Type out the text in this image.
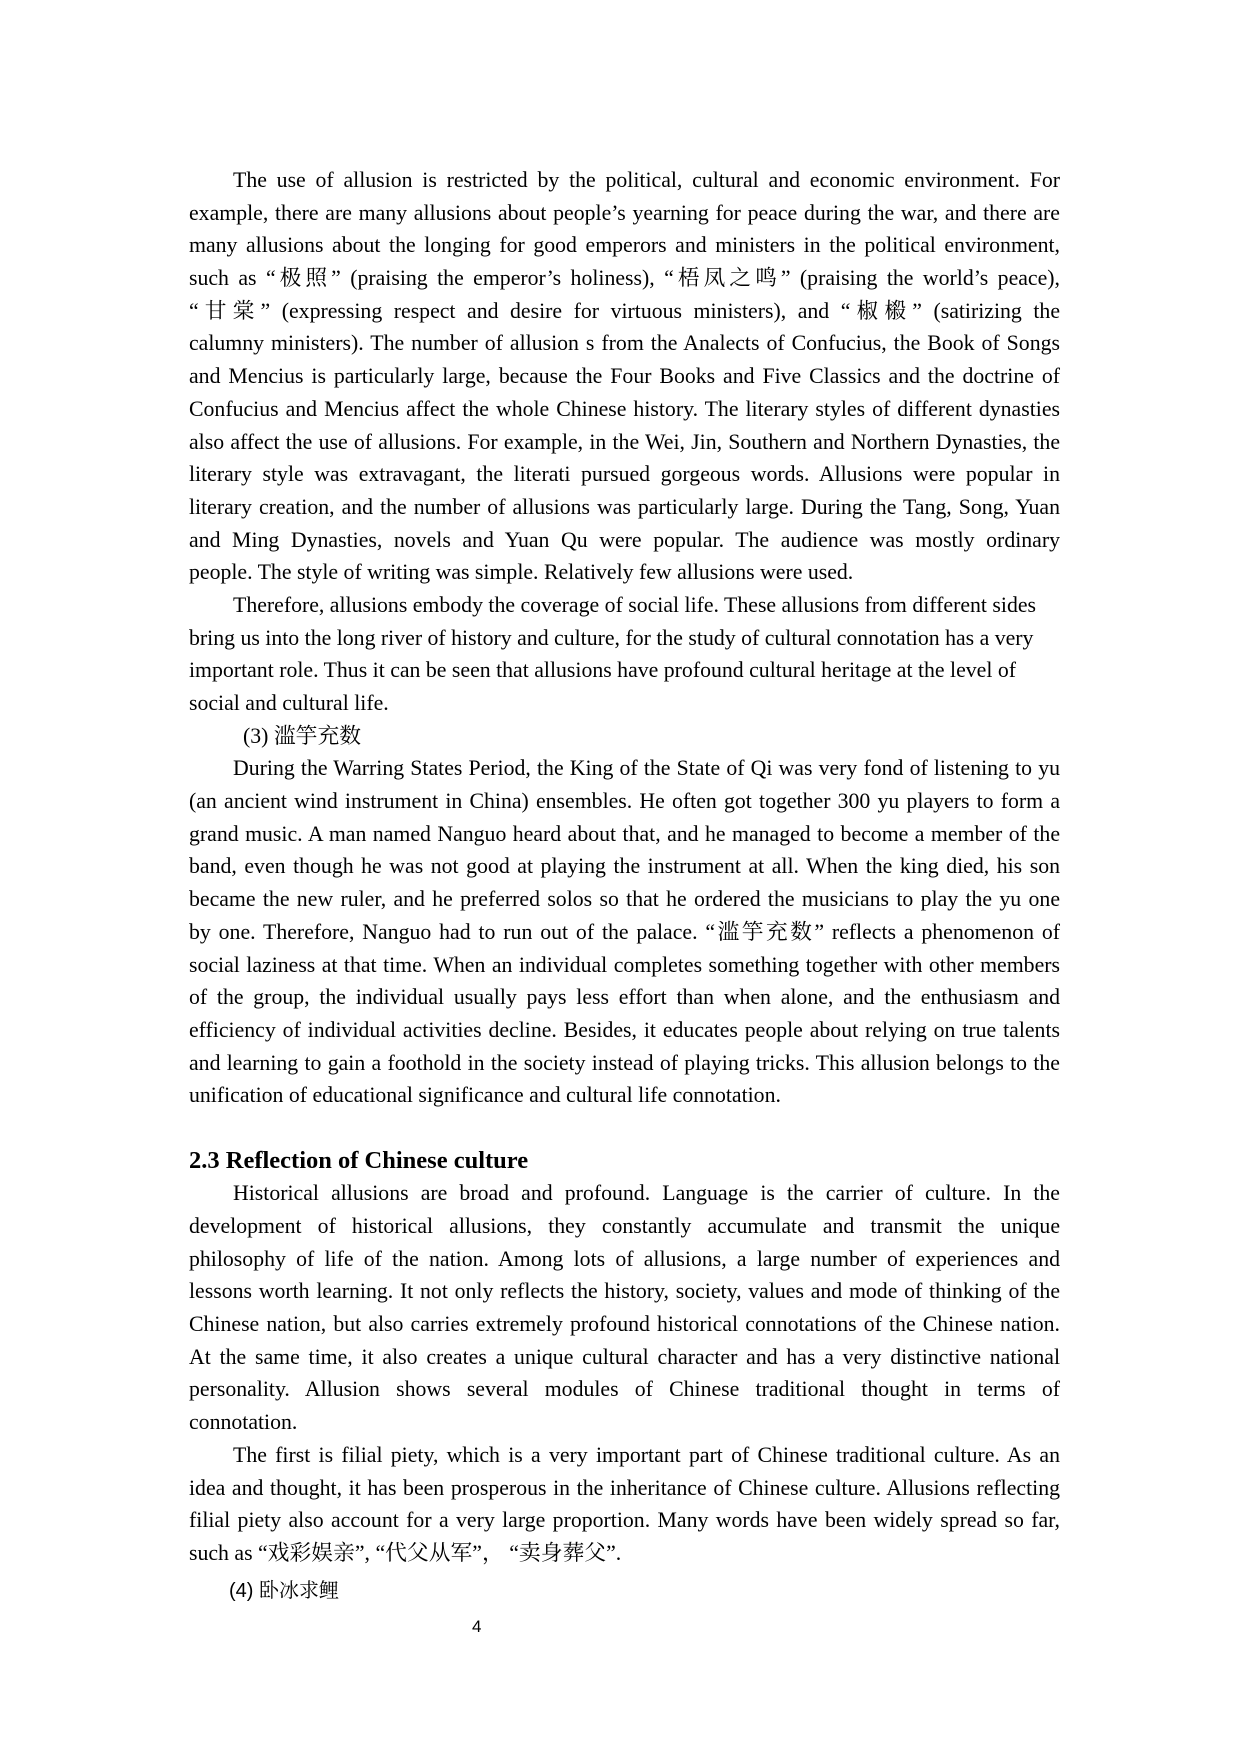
The use of allusion is restricted by the political, cultural and economic environment. For
example, there are many allusions about people’s yearning for peace during the war, and there are
many allusions about the longing for good emperors and ministers in the political environment,
such as “极照” (praising the emperor’s holiness), “梧凤之鸣” (praising the world’s peace),
“甘棠” (expressing respect and desire for virtuous ministers), and “椒榝” (satirizing the
calumny ministers). The number of allusion s from the Analects of Confucius, the Book of Songs
and Mencius is particularly large, because the Four Books and Five Classics and the doctrine of
Confucius and Mencius affect the whole Chinese history. The literary styles of different dynasties
also affect the use of allusions. For example, in the Wei, Jin, Southern and Northern Dynasties, the
literary style was extravagant, the literati pursued gorgeous words. Allusions were popular in
literary creation, and the number of allusions was particularly large. During the Tang, Song, Yuan
and Ming Dynasties, novels and Yuan Qu were popular. The audience was mostly ordinary
people. The style of writing was simple. Relatively few allusions were used.
Therefore, allusions embody the coverage of social life. These allusions from different sides
bring us into the long river of history and culture, for the study of cultural connotation has a very
important role. Thus it can be seen that allusions have profound cultural heritage at the level of
social and cultural life.
(3) 滥竽充数
During the Warring States Period, the King of the State of Qi was very fond of listening to yu
(an ancient wind instrument in China) ensembles. He often got together 300 yu players to form a
grand music. A man named Nanguo heard about that, and he managed to become a member of the
band, even though he was not good at playing the instrument at all. When the king died, his son
became the new ruler, and he preferred solos so that he ordered the musicians to play the yu one
by one. Therefore, Nanguo had to run out of the palace. “滥竽充数” reflects a phenomenon of
social laziness at that time. When an individual completes something together with other members
of the group, the individual usually pays less effort than when alone, and the enthusiasm and
efficiency of individual activities decline. Besides, it educates people about relying on true talents
and learning to gain a foothold in the society instead of playing tricks. This allusion belongs to the
unification of educational significance and cultural life connotation.
2.3 Reflection of Chinese culture
Historical allusions are broad and profound. Language is the carrier of culture. In the
development of historical allusions, they constantly accumulate and transmit the unique
philosophy of life of the nation. Among lots of allusions, a large number of experiences and
lessons worth learning. It not only reflects the history, society, values and mode of thinking of the
Chinese nation, but also carries extremely profound historical connotations of the Chinese nation.
At the same time, it also creates a unique cultural character and has a very distinctive national
personality. Allusion shows several modules of Chinese traditional thought in terms of
connotation.
The first is filial piety, which is a very important part of Chinese traditional culture. As an
idea and thought, it has been prosperous in the inheritance of Chinese culture. Allusions reflecting
filial piety also account for a very large proportion. Many words have been widely spread so far,
such as “戏彩娱亲”, “代父从军”， “卖身葬父”.
(4) 卧冰求鲤
4
